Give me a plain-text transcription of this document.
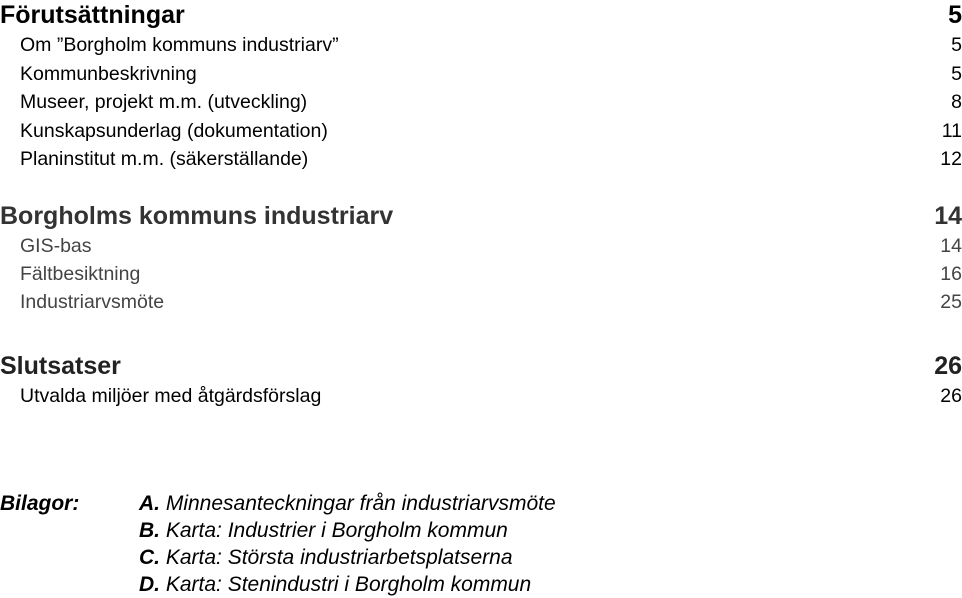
Förutsättningar	5
Om ”Borgholm kommuns industriarv”	5
Kommunbeskrivning	5
Museer, projekt m.m. (utveckling)	8
Kunskapsunderlag (dokumentation)	11
Planinstitut m.m. (säkerställande)	12
Borgholms kommuns industriarv	14
GIS-bas	14
Fältbesiktning	16
Industriarvsmöte	25
Slutsatser	26
Utvalda miljöer med åtgärdsförslag	26
Bilagor:	A. Minnesanteckningar från industriarvsmöte
B. Karta: Industrier i Borgholm kommun
C. Karta: Största industriarbetsplatserna
D. Karta: Stenindustri i Borgholm kommun
